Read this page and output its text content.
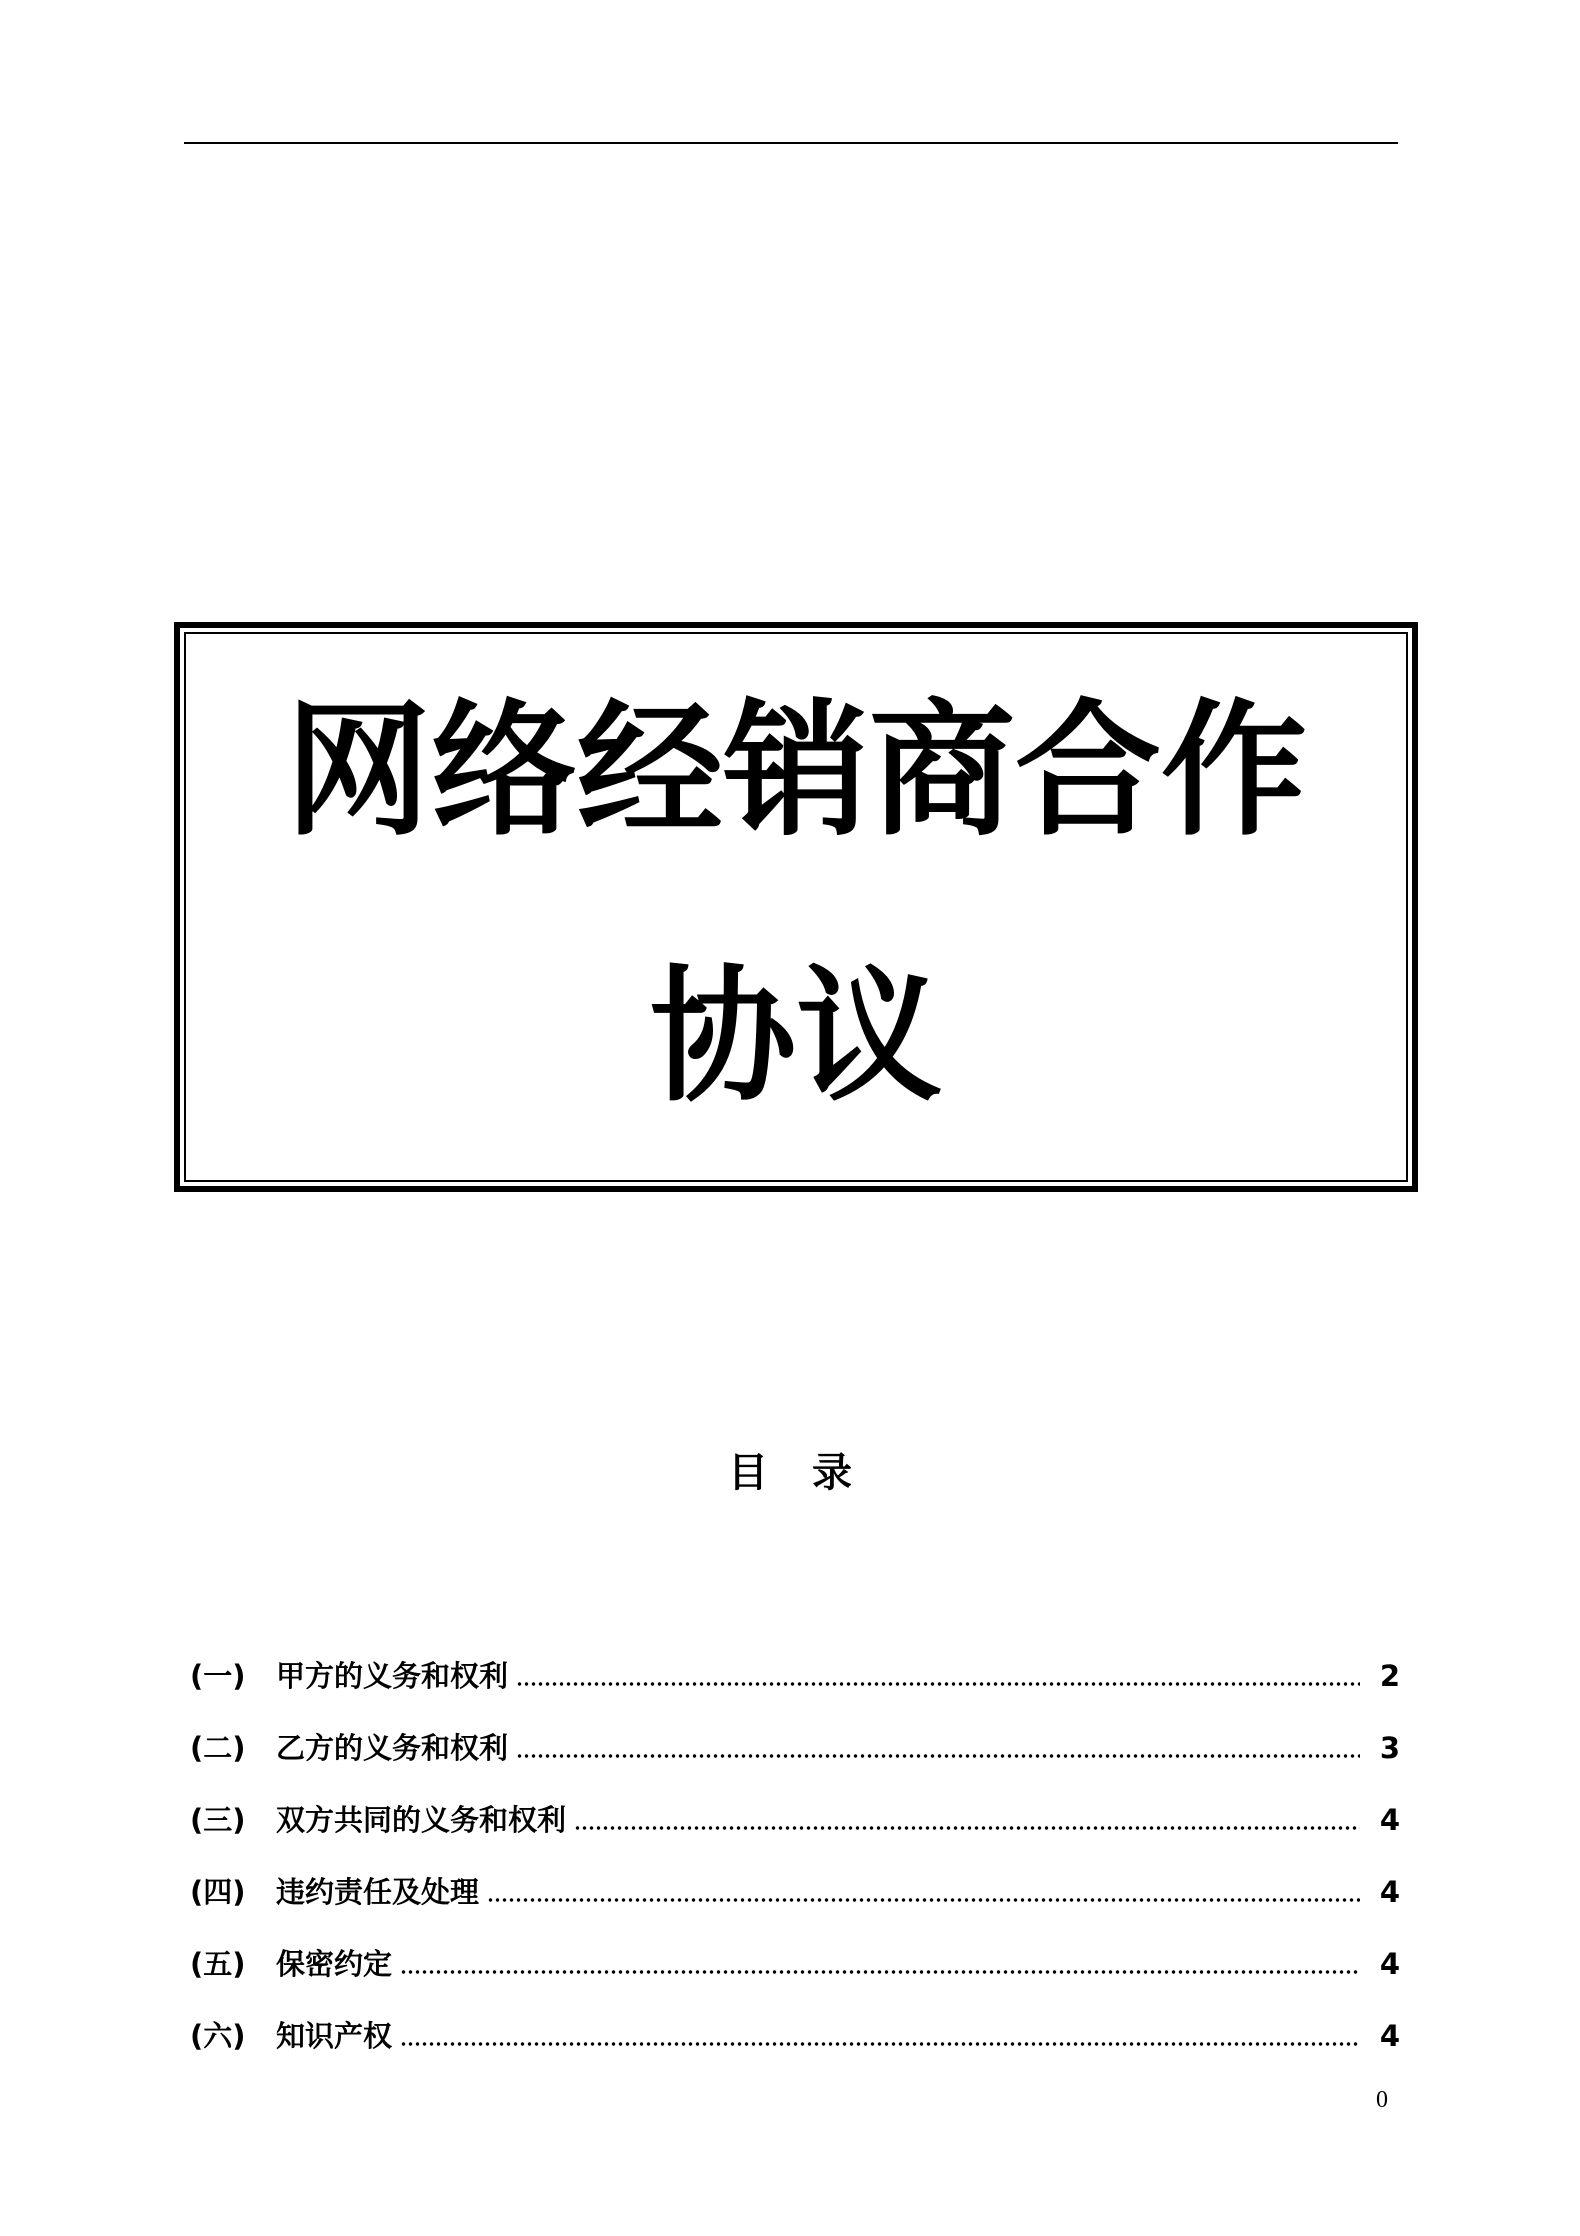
网络经销商合作
协议
目录
(一)	甲方的义务和权利	2
(二)	乙方的义务和权利	3
(三)	双方共同的义务和权利	4
(四)	违约责任及处理	4
(五)	保密约定	4
(六)	知识产权	4
0
